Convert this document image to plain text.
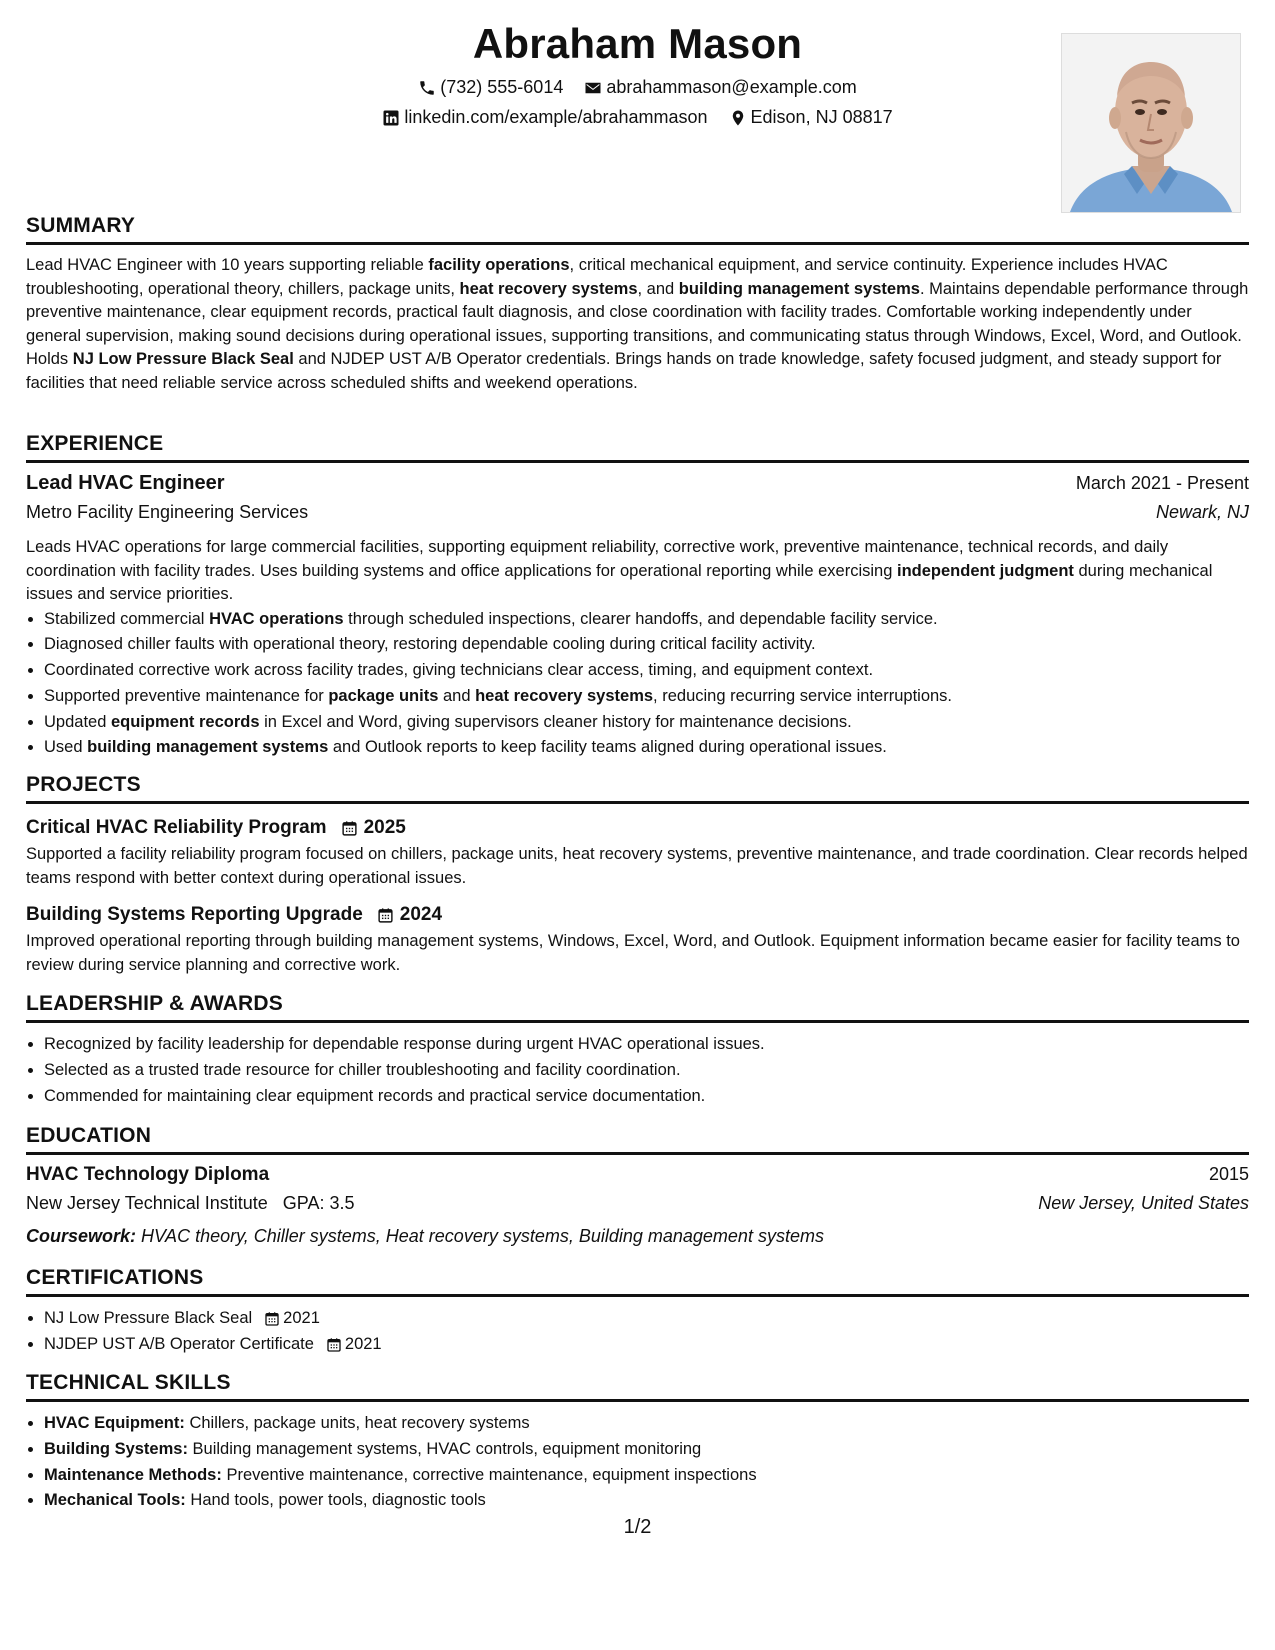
Abraham Mason
(732) 555-6014
abrahammason@example.com
linkedin.com/example/abrahammason
Edison, NJ 08817
SUMMARY

Lead HVAC Engineer with 10 years supporting reliable facility operations, critical mechanical equipment, and service continuity. Experience includes HVAC troubleshooting, operational theory, chillers, package units, heat recovery systems, and building management systems. Maintains dependable performance through preventive maintenance, clear equipment records, practical fault diagnosis, and close coordination with facility trades. Comfortable working independently under general supervision, making sound decisions during operational issues, supporting transitions, and communicating status through Windows, Excel, Word, and Outlook. Holds NJ Low Pressure Black Seal and NJDEP UST A/B Operator credentials. Brings hands on trade knowledge, safety focused judgment, and steady support for facilities that need reliable service across scheduled shifts and weekend operations.

EXPERIENCE
Lead HVAC Engineer	March 2021 - Present
Metro Facility Engineering Services	Newark, NJ

Leads HVAC operations for large commercial facilities, supporting equipment reliability, corrective work, preventive maintenance, technical records, and daily coordination with facility trades. Uses building systems and office applications for operational reporting while exercising independent judgment during mechanical issues and service priorities.

• Stabilized commercial HVAC operations through scheduled inspections, clearer handoffs, and dependable facility service.
• Diagnosed chiller faults with operational theory, restoring dependable cooling during critical facility activity.
• Coordinated corrective work across facility trades, giving technicians clear access, timing, and equipment context.
• Supported preventive maintenance for package units and heat recovery systems, reducing recurring service interruptions.
• Updated equipment records in Excel and Word, giving supervisors cleaner history for maintenance decisions.
• Used building management systems and Outlook reports to keep facility teams aligned during operational issues.
PROJECTS
Critical HVAC Reliability Program 2025

Supported a facility reliability program focused on chillers, package units, heat recovery systems, preventive maintenance, and trade coordination. Clear records helped teams respond with better context during operational issues.

Building Systems Reporting Upgrade 2024

Improved operational reporting through building management systems, Windows, Excel, Word, and Outlook. Equipment information became easier for facility teams to review during service planning and corrective work.

LEADERSHIP & AWARDS
• Recognized by facility leadership for dependable response during urgent HVAC operational issues.
• Selected as a trusted trade resource for chiller troubleshooting and facility coordination.
• Commended for maintaining clear equipment records and practical service documentation.
EDUCATION
HVAC Technology Diploma	2015
New Jersey Technical Institute GPA: 3.5	New Jersey, United States
Coursework: HVAC theory, Chiller systems, Heat recovery systems, Building management systems
CERTIFICATIONS
• NJ Low Pressure Black Seal 2021
• NJDEP UST A/B Operator Certificate 2021
TECHNICAL SKILLS
• HVAC Equipment: Chillers, package units, heat recovery systems
• Building Systems: Building management systems, HVAC controls, equipment monitoring
• Maintenance Methods: Preventive maintenance, corrective maintenance, equipment inspections
• Mechanical Tools: Hand tools, power tools, diagnostic tools
1/2
